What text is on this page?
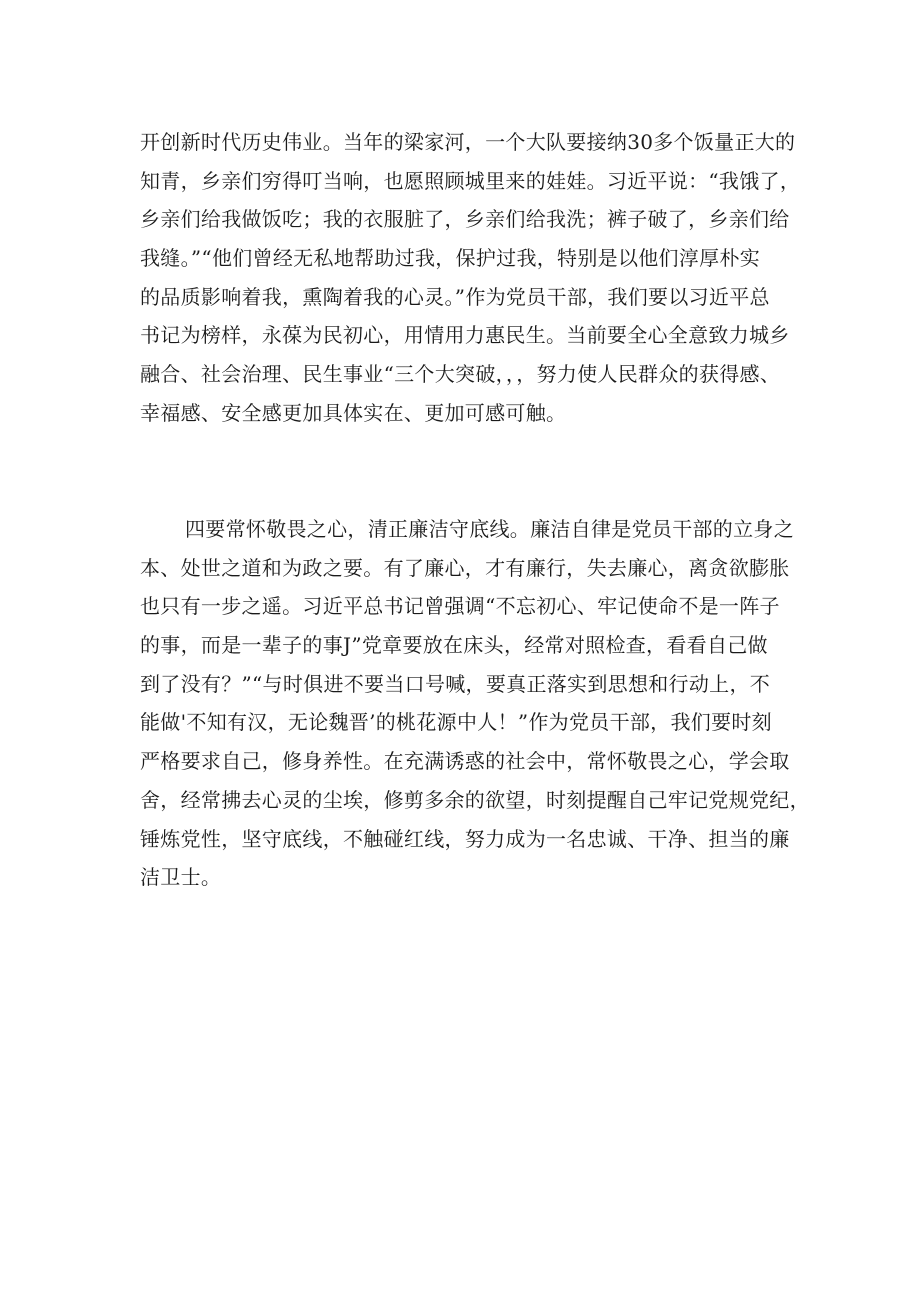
开创新时代历史伟业。当年的梁家河，一个大队要接纳30多个饭量正大的
知青，乡亲们穷得叮当响，也愿照顾城里来的娃娃。习近平说：“我饿了，
乡亲们给我做饭吃；我的衣服脏了，乡亲们给我洗；裤子破了，乡亲们给
我缝。”“他们曾经无私地帮助过我，保护过我，特别是以他们淳厚朴实
的品质影响着我，熏陶着我的心灵。”作为党员干部，我们要以习近平总
书记为榜样，永葆为民初心，用情用力惠民生。当前要全心全意致力城乡
融合、社会治理、民生事业“三个大突破，，，努力使人民群众的获得感、
幸福感、安全感更加具体实在、更加可感可触。
四要常怀敬畏之心，清正廉洁守底线。廉洁自律是党员干部的立身之
本、处世之道和为政之要。有了廉心，才有廉行，失去廉心，离贪欲膨胀
也只有一步之遥。习近平总书记曾强调“不忘初心、牢记使命不是一阵子
的事，而是一辈子的事J”党章要放在床头，经常对照检查，看看自己做
到了没有？”“与时俱进不要当口号喊，要真正落实到思想和行动上，不
能做'不知有汉，无论魏晋’的桃花源中人！”作为党员干部，我们要时刻
严格要求自己，修身养性。在充满诱惑的社会中，常怀敬畏之心，学会取
舍，经常拂去心灵的尘埃，修剪多余的欲望，时刻提醒自己牢记党规党纪，
锤炼党性，坚守底线，不触碰红线，努力成为一名忠诚、干净、担当的廉
洁卫士。
